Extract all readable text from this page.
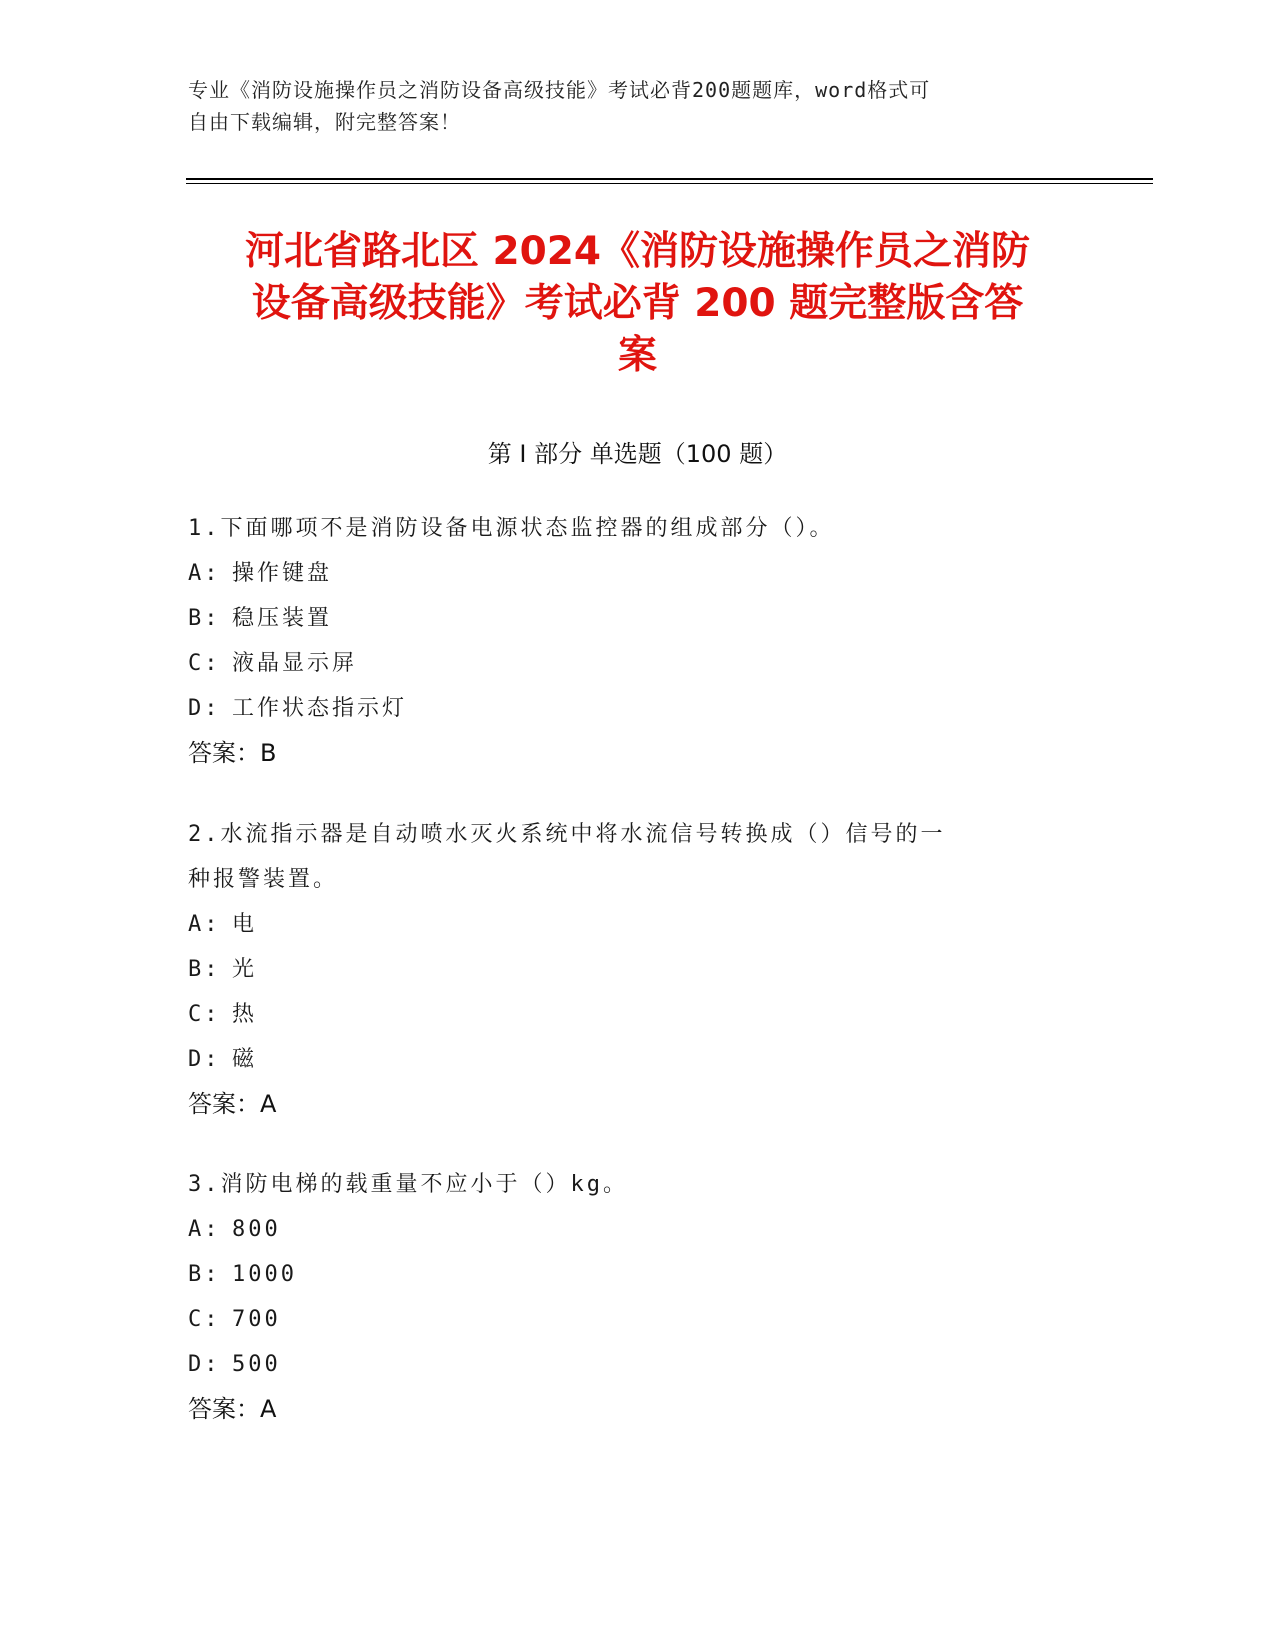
专业《消防设施操作员之消防设备高级技能》考试必背200题题库，word格式可
自由下载编辑，附完整答案！
河北省路北区 2024《消防设施操作员之消防
设备高级技能》考试必背 200 题完整版含答
案
第 I 部分 单选题（100 题）
1.下面哪项不是消防设备电源状态监控器的组成部分（）。
A: 操作键盘
B: 稳压装置
C: 液晶显示屏
D: 工作状态指示灯
答案：B
2.水流指示器是自动喷水灭火系统中将水流信号转换成（）信号的一
种报警装置。
A: 电
B: 光
C: 热
D: 磁
答案：A
3.消防电梯的载重量不应小于（）kg。
A: 800
B: 1000
C: 700
D: 500
答案：A
